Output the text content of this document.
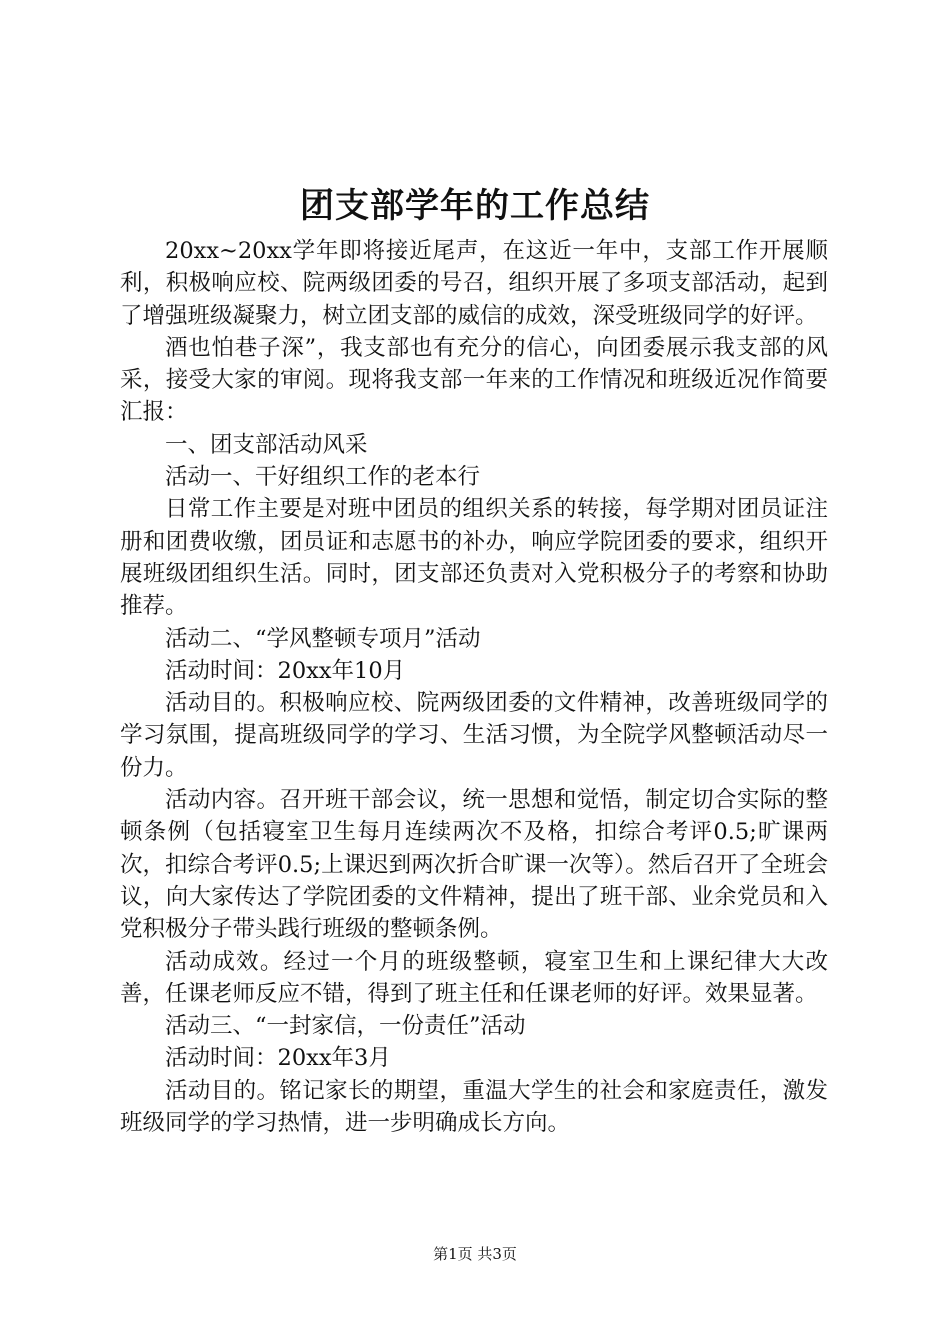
团支部学年的工作总结

20xx~20xx学年即将接近尾声，在这近一年中，支部工作开展顺利，积极响应校、院两级团委的号召，组织开展了多项支部活动，起到了增强班级凝聚力，树立团支部的威信的成效，深受班级同学的好评。

酒也怕巷子深”，我支部也有充分的信心，向团委展示我支部的风采，接受大家的审阅。现将我支部一年来的工作情况和班级近况作简要汇报：

一、团支部活动风采

活动一、干好组织工作的老本行

日常工作主要是对班中团员的组织关系的转接，每学期对团员证注册和团费收缴，团员证和志愿书的补办，响应学院团委的要求，组织开展班级团组织生活。同时，团支部还负责对入党积极分子的考察和协助推荐。

活动二、“学风整顿专项月”活动

活动时间：20xx年10月

活动目的。积极响应校、院两级团委的文件精神，改善班级同学的学习氛围，提高班级同学的学习、生活习惯，为全院学风整顿活动尽一份力。

活动内容。召开班干部会议，统一思想和觉悟，制定切合实际的整顿条例（包括寝室卫生每月连续两次不及格，扣综合考评0.5;旷课两次，扣综合考评0.5;上课迟到两次折合旷课一次等）。然后召开了全班会议，向大家传达了学院团委的文件精神，提出了班干部、业余党员和入党积极分子带头践行班级的整顿条例。

活动成效。经过一个月的班级整顿，寝室卫生和上课纪律大大改善，任课老师反应不错，得到了班主任和任课老师的好评。效果显著。

活动三、“一封家信，一份责任”活动

活动时间：20xx年3月

活动目的。铭记家长的期望，重温大学生的社会和家庭责任，激发班级同学的学习热情，进一步明确成长方向。

第1页 共3页
